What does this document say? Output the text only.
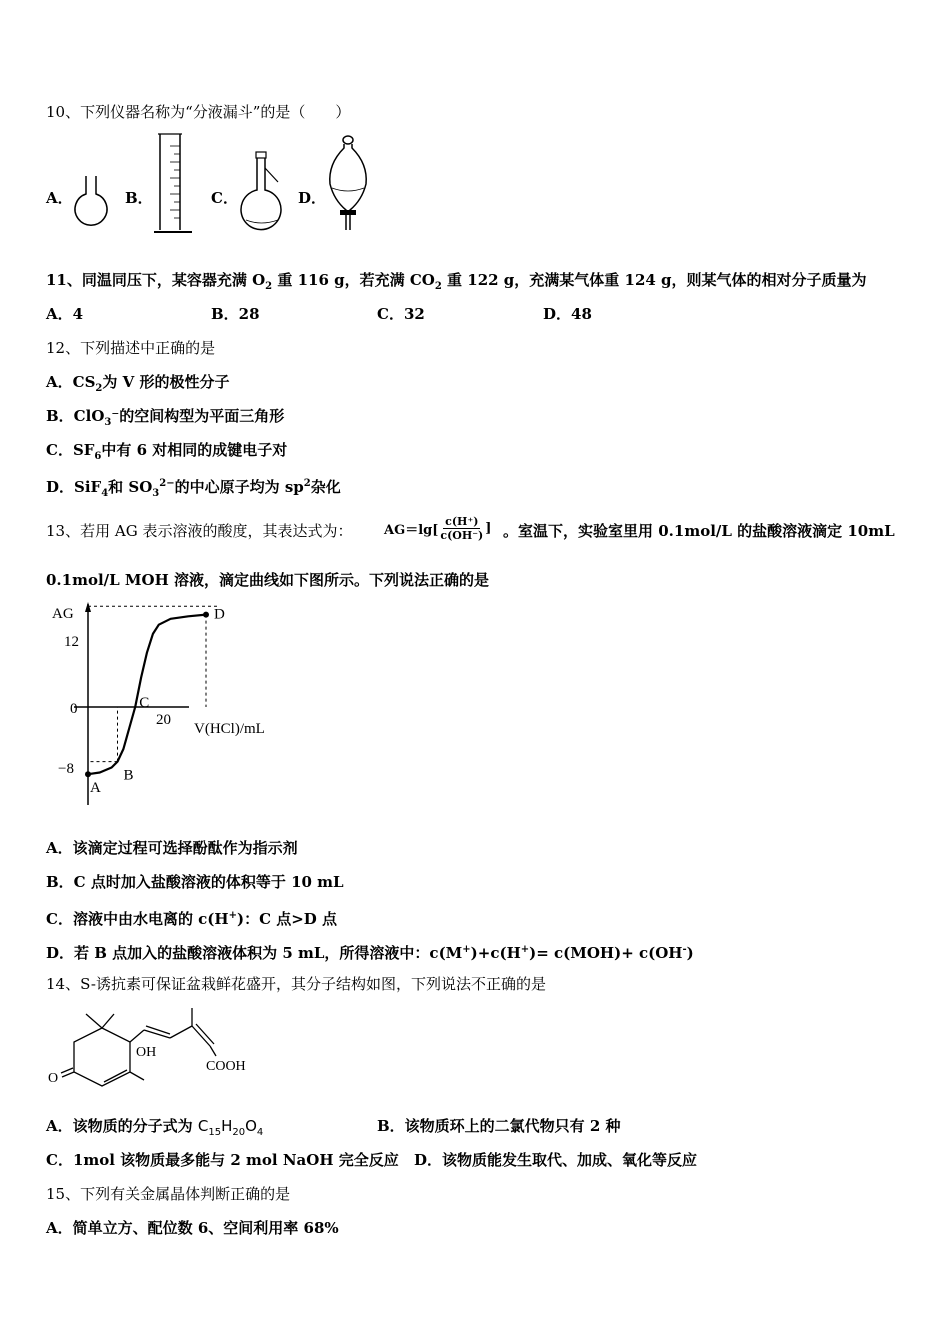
10、下列仪器名称为“分液漏斗”的是（　　）
A．	B．	C．	D．
11、同温同压下，某容器充满 $O_2$ 重 116 g，若充满 $CO_2$ 重 122 g，充满某气体重 124 g，则某气体的相对分子质量为
A．4	B．28	C．32	D．48
12、下列描述中正确的是
A．$CS_2$为 V 形的极性分子
B．ClO$_3$⁻的空间构型为平面三角形
C．$SF_6$中有 6 对相同的成键电子对
D．SiF$_4$和 $SO_3^{2-}$的中心原子均为 $sp^2$杂化
13、若用 AG 表示溶液的酸度，其表达式为： $AG=\lg[ \frac{c(H^+)}{c(OH^-)}$ ] 。室温下，实验室里用 0.1mol/L 的盐酸溶液滴定 10mL
0.1mol/L MOH 溶液，滴定曲线如下图所示。下列说法正确的是
AG
V(HCl)/mL
12
0
−8
20
A
B
C
D
A．该滴定过程可选择酚酞作为指示剂
B．C 点时加入盐酸溶液的体积等于 10 mL
C．溶液中由水电离的 c(H+)：C 点>D 点
D．若 B 点加入的盐酸溶液体积为 5 mL，所得溶液中：c(M+)+c(H+)= c(MOH)+ c(OH-)
14、S-诱抗素可保证盆栽鲜花盛开，其分子结构如图，下列说法不正确的是
OH
O
COOH
A．该物质的分子式为 $C_{15}H_{20}O_4$	B．该物质环上的二氯代物只有 2 种
C．1mol 该物质最多能与 2 mol NaOH 完全反应 D．该物质能发生取代、加成、氧化等反应
15、下列有关金属晶体判断正确的是
A．简单立方、配位数 6、空间利用率 68%
